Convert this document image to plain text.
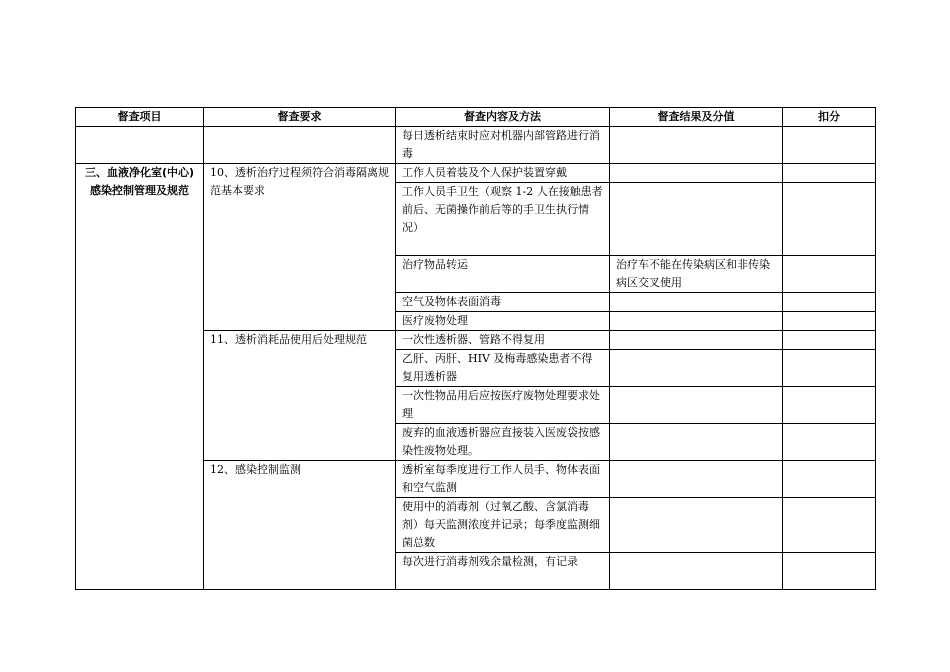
督查项目	督查要求	督查内容及方法	督查结果及分值	扣分
		每日透析结束时应对机器内部管路进行消毒		

三、血液净化室(中心)
感染控制管理及规范	10、透析治疗过程须符合消毒隔离规范基本要求	工作人员着装及个人保护装置穿戴		
		工作人员手卫生（观察 1-2 人在接触患者前后、无菌操作前后等的手卫生执行情况）		
		治疗物品转运	治疗车不能在传染病区和非传染病区交叉使用	
		空气及物体表面消毒		
		医疗废物处理		
	11、透析消耗品使用后处理规范	一次性透析器、管路不得复用		
		乙肝、丙肝、HIV 及梅毒感染患者不得复用透析器		
		一次性物品用后应按医疗废物处理要求处理		
		废弃的血液透析器应直接装入医废袋按感染性废物处理。		
	12、感染控制监测	透析室每季度进行工作人员手、物体表面和空气监测		
		使用中的消毒剂（过氧乙酸、含氯消毒剂）每天监测浓度并记录；每季度监测细菌总数		
		每次进行消毒剂残余量检测，有记录		
